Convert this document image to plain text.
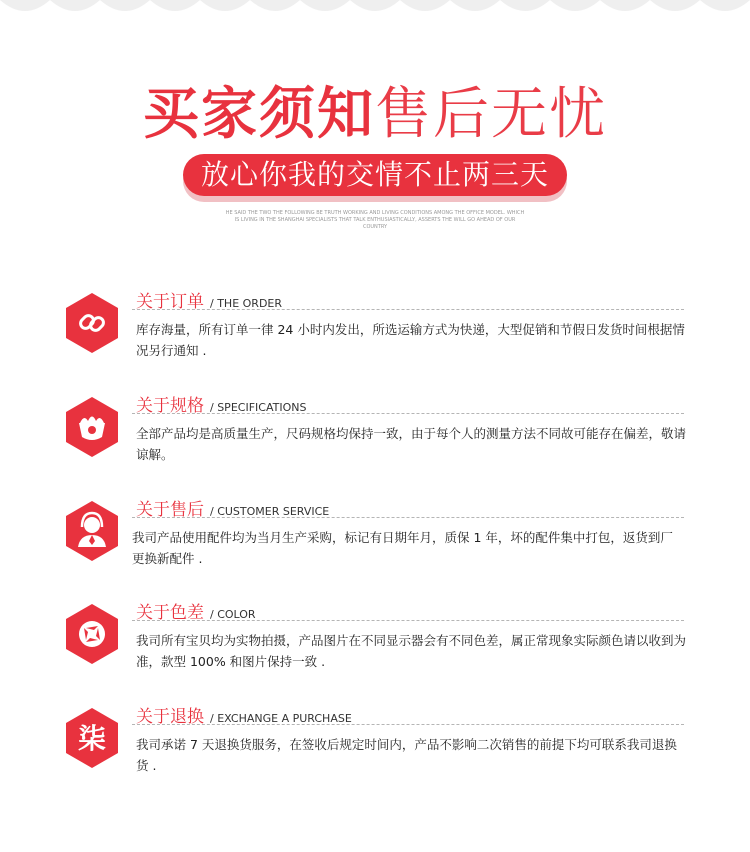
买家须知售后无忧
放心你我的交情不止两三天
HE SAID THE TWO THE FOLLOWING BE TRUTH WORKING AND LIVING CONDITIONS AMONG THE OFFICE MODEL. WHICH IS LIVING IN THE SHANGHAI SPECIALISTS THAT TALK ENTHUSIASTICALLY, ASSERTS THE WILL GO AHEAD OF OUR COUNTRY
关于订单 / THE ORDER
库存海量，所有订单一律 24 小时内发出，所选运输方式为快递，大型促销和节假日发货时间根据情况另行通知 .
关于规格 / SPECIFICATIONS
全部产品均是高质量生产，尺码规格均保持一致，由于每个人的测量方法不同故可能存在偏差，敬请谅解。
关于售后 / CUSTOMER SERVICE
我司产品使用配件均为当月生产采购，标记有日期年月，质保 1 年，坏的配件集中打包，返货到厂更换新配件 .
关于色差 / COLOR
我司所有宝贝均为实物拍摄，产品图片在不同显示器会有不同色差，属正常现象实际颜色请以收到为准，款型 100% 和图片保持一致 .
柒
关于退换 / EXCHANGE A PURCHASE
我司承诺 7 天退换货服务，在签收后规定时间内，产品不影响二次销售的前提下均可联系我司退换货 .
